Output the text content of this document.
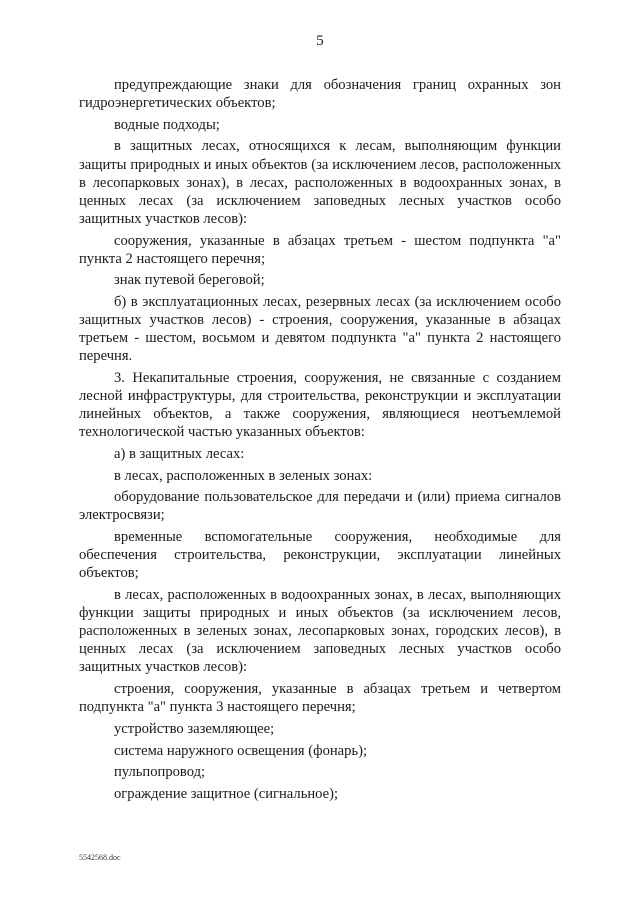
5

предупреждающие знаки для обозначения границ охранных зон гидроэнергетических объектов;

водные подходы;

в защитных лесах, относящихся к лесам, выполняющим функции защиты природных и иных объектов (за исключением лесов, расположенных в лесопарковых зонах), в лесах, расположенных в водоохранных зонах, в ценных лесах (за исключением заповедных лесных участков особо защитных участков лесов):

сооружения, указанные в абзацах третьем - шестом подпункта "а" пункта 2 настоящего перечня;

знак путевой береговой;

б) в эксплуатационных лесах, резервных лесах (за исключением особо защитных участков лесов) - строения, сооружения, указанные в абзацах третьем - шестом, восьмом и девятом подпункта "а" пункта 2 настоящего перечня.

3. Некапитальные строения, сооружения, не связанные с созданием лесной инфраструктуры, для строительства, реконструкции и эксплуатации линейных объектов, а также сооружения, являющиеся неотъемлемой технологической частью указанных объектов:

а) в защитных лесах:

в лесах, расположенных в зеленых зонах:

оборудование пользовательское для передачи и (или) приема сигналов электросвязи;

временные вспомогательные сооружения, необходимые для обеспечения строительства, реконструкции, эксплуатации линейных объектов;

в лесах, расположенных в водоохранных зонах, в лесах, выполняющих функции защиты природных и иных объектов (за исключением лесов, расположенных в зеленых зонах, лесопарковых зонах, городских лесов), в ценных лесах (за исключением заповедных лесных участков особо защитных участков лесов):

строения, сооружения, указанные в абзацах третьем и четвертом подпункта "а" пункта 3 настоящего перечня;

устройство заземляющее;

система наружного освещения (фонарь);

пульпопровод;

ограждение защитное (сигнальное);

5542568.doc
